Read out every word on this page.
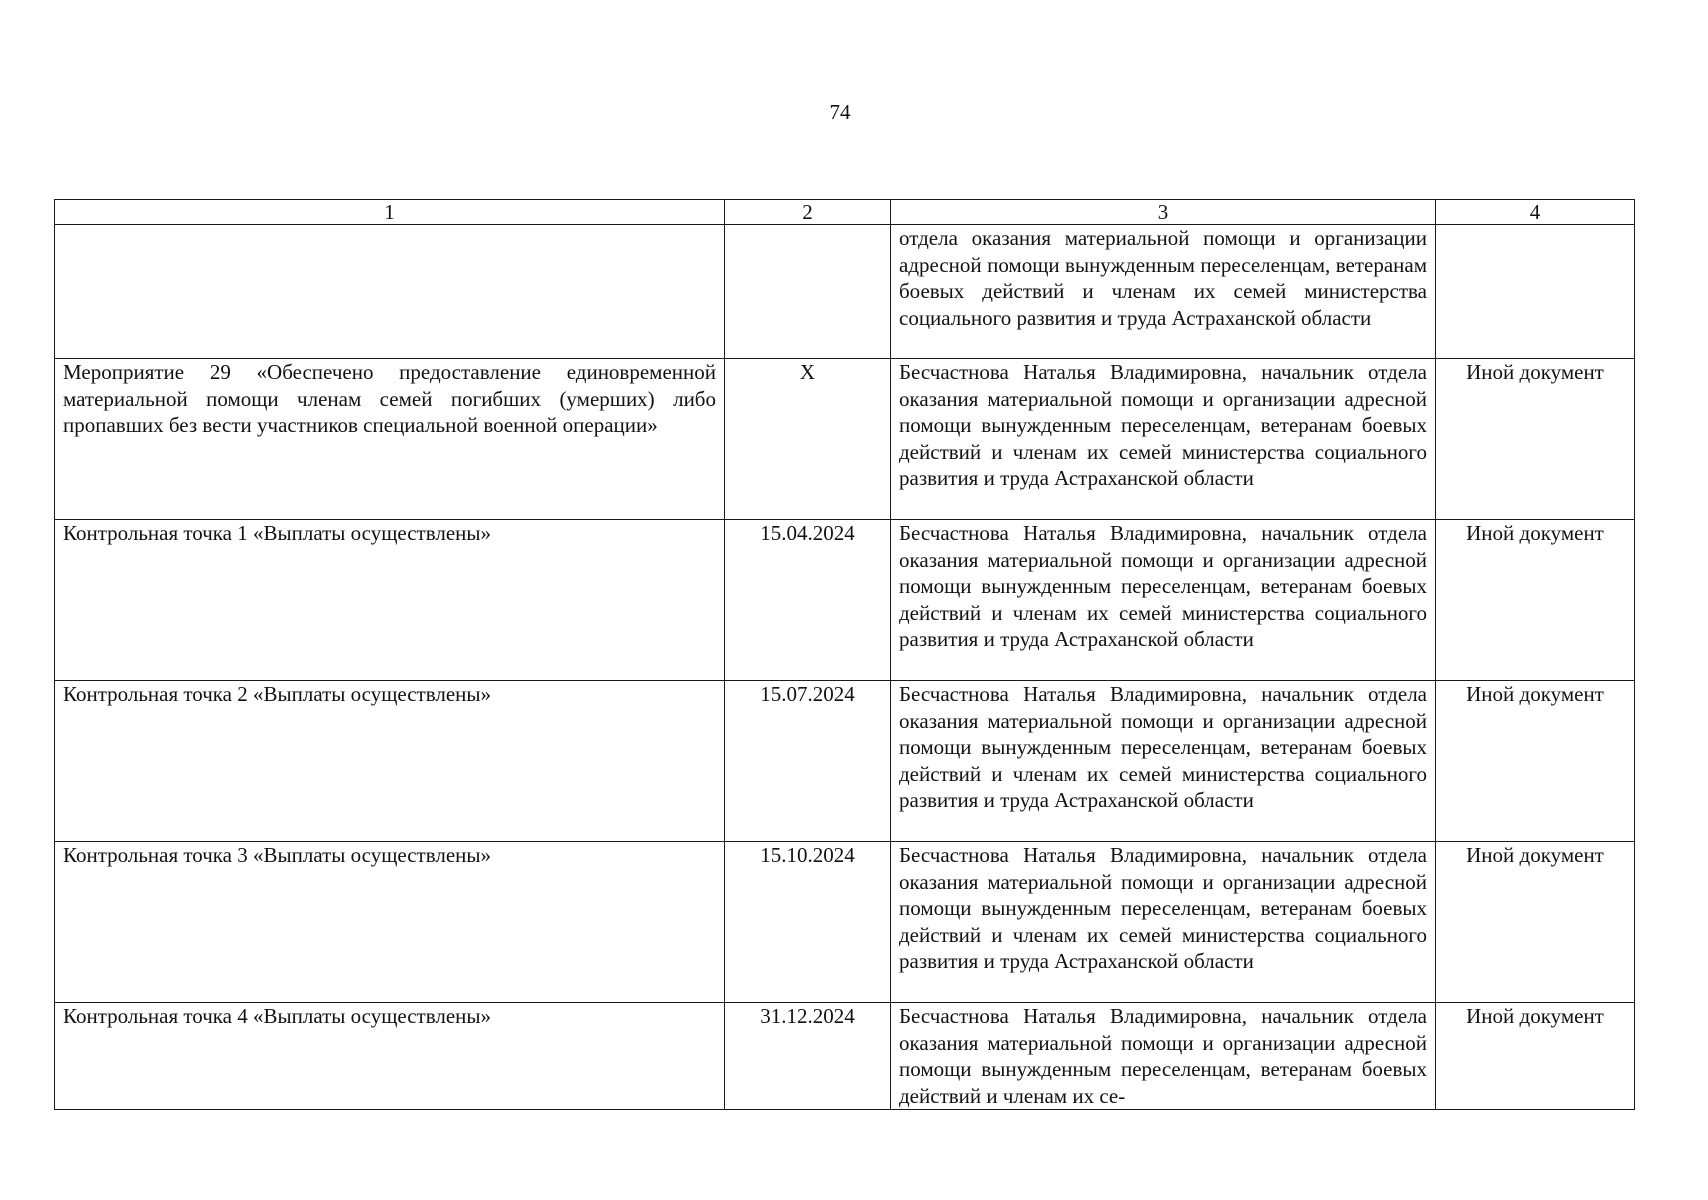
74
1	2	3	4
		отдела оказания материальной помощи и организации адресной помощи вынужденным переселенцам, ветеранам боевых действий и членам их семей министерства социального развития и труда Астраханской области	
Мероприятие 29 «Обеспечено предоставление единовременной материальной помощи членам семей погибших (умерших) либо пропавших без вести участников специальной военной операции»	X	Бесчастнова Наталья Владимировна, начальник отдела оказания материальной помощи и организации адресной помощи вынужденным переселенцам, ветеранам боевых действий и членам их семей министерства социального развития и труда Астраханской области	Иной документ
Контрольная точка 1 «Выплаты осуществлены»	15.04.2024	Бесчастнова Наталья Владимировна, начальник отдела оказания материальной помощи и организации адресной помощи вынужденным переселенцам, ветеранам боевых действий и членам их семей министерства социального развития и труда Астраханской области	Иной документ
Контрольная точка 2 «Выплаты осуществлены»	15.07.2024	Бесчастнова Наталья Владимировна, начальник отдела оказания материальной помощи и организации адресной помощи вынужденным переселенцам, ветеранам боевых действий и членам их семей министерства социального развития и труда Астраханской области	Иной документ
Контрольная точка 3 «Выплаты осуществлены»	15.10.2024	Бесчастнова Наталья Владимировна, начальник отдела оказания материальной помощи и организации адресной помощи вынужденным переселенцам, ветеранам боевых действий и членам их семей министерства социального развития и труда Астраханской области	Иной документ
Контрольная точка 4 «Выплаты осуществлены»	31.12.2024	Бесчастнова Наталья Владимировна, начальник отдела оказания материальной помощи и организации адресной помощи вынужденным переселенцам, ветеранам боевых действий и членам их се-	Иной документ
